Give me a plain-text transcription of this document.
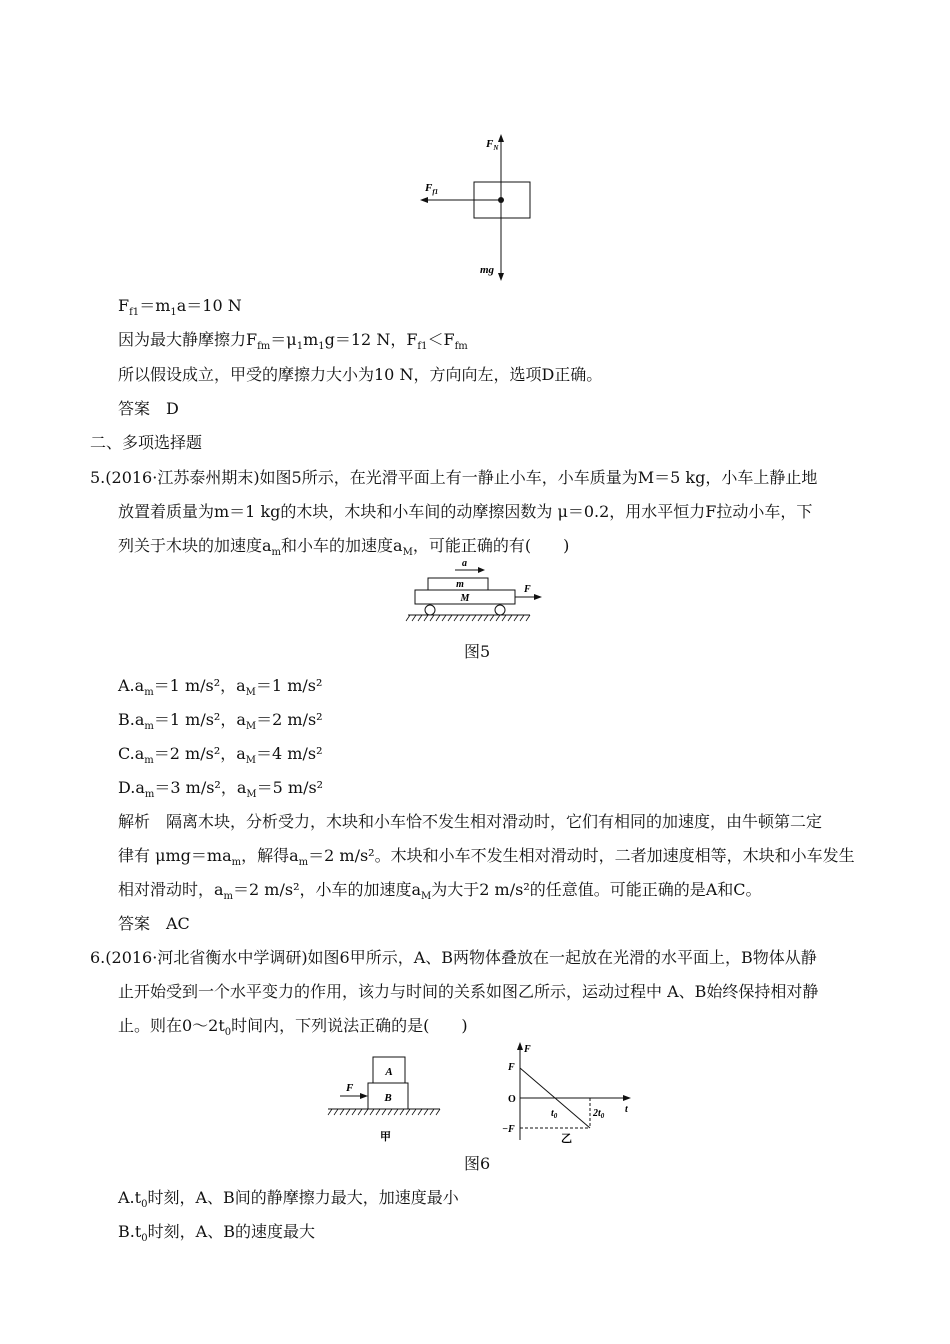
$F_N$
$F_{f1}$
mg
$F_{f1}=m_1a=10$ N
因为最大静摩擦力$F_{fm}=\mu_1m_1g=12$ N，$F_{f1}<F_{fm}$
所以假设成立，甲受的摩擦力大小为10 N，方向向左，选项D正确。
答案　D
二、多项选择题
5.(2016·江苏泰州期末)如图5所示，在光滑平面上有一静止小车，小车质量为M＝5 kg，小车上静止地
放置着质量为m＝1 kg的木块，木块和小车间的动摩擦因数为 μ＝0.2，用水平恒力F拉动小车，下
列关于木块的加速度$a_m$和小车的加速度$a_M$，可能正确的有(　　)
a
m
M
F
图5
$A.a_m=1$ m/s²，$a_M=1$ m/s²
$B.a_m=1$ m/s²，$a_M=2$ m/s²
$C.a_m=2$ m/s²，$a_M=4$ m/s²
$D.a_m=3$ m/s²，$a_M=5$ m/s²
解析　隔离木块，分析受力，木块和小车恰不发生相对滑动时，它们有相同的加速度，由牛顿第二定
律有 $\mu mg=ma_m$，解得$a_m=2$ m/s²。木块和小车不发生相对滑动时，二者加速度相等，木块和小车发生
相对滑动时，$a_m=2$ m/s²，小车的加速度$a_M$为大于2 m/s²的任意值。可能正确的是A和C。
答案　AC
6.(2016·河北省衡水中学调研)如图6甲所示，A、B两物体叠放在一起放在光滑的水平面上，B物体从静
止开始受到一个水平变力的作用，该力与时间的关系如图乙所示，运动过程中 A、B始终保持相对静
止。则在$0\sim 2t_0$时间内，下列说法正确的是(　　)
A
B
F
甲
F
t
F
O
−F
$t_0$	$2t_0$
乙
图6
$A.t_0$时刻，A、B间的静摩擦力最大，加速度最小
$B.t_0$时刻，A、B的速度最大
